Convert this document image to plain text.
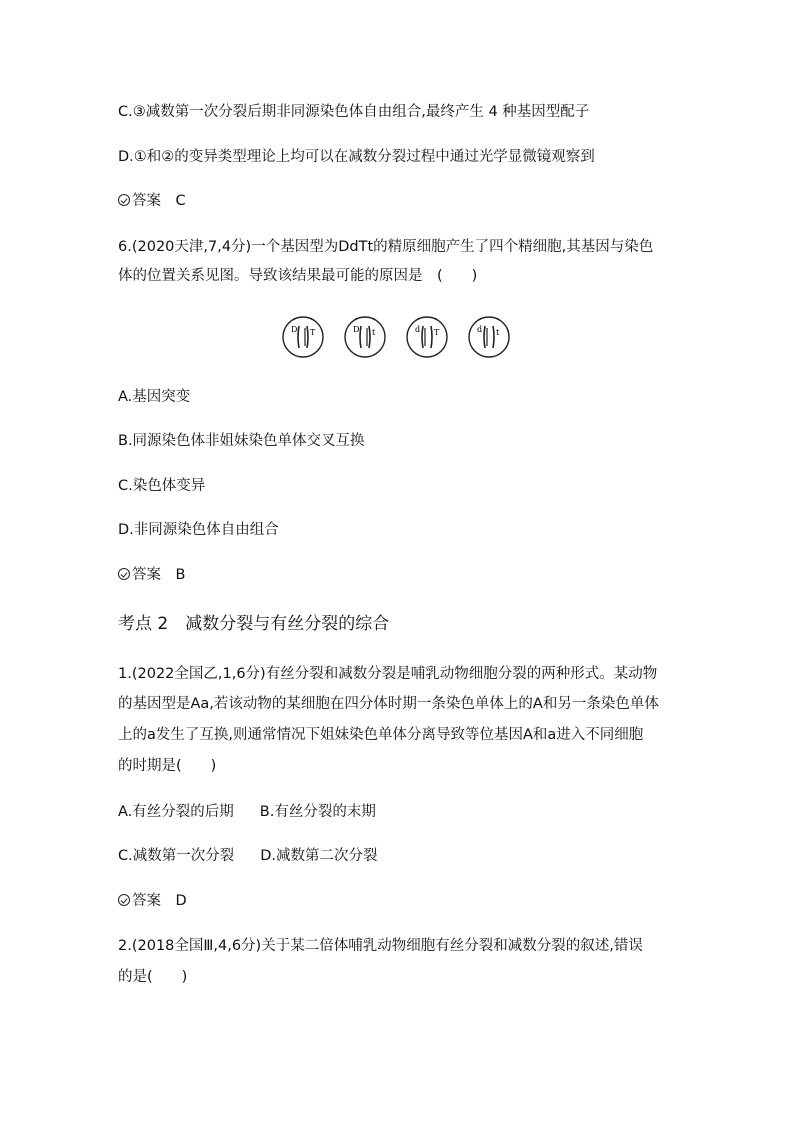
C.③减数第一次分裂后期非同源染色体自由组合,最终产生 4 种基因型配子
D.①和②的变异类型理论上均可以在减数分裂过程中通过光学显微镜观察到
答案　C
6.(2020天津,7,4分)一个基因型为DdTt的精原细胞产生了四个精细胞,其基因与染色
体的位置关系见图。导致该结果最可能的原因是　(　　)
D T	D t	d T	d t
A.基因突变
B.同源染色体非姐妹染色单体交叉互换
C.染色体变异
D.非同源染色体自由组合
答案　B
考点 2　减数分裂与有丝分裂的综合
1.(2022全国乙,1,6分)有丝分裂和减数分裂是哺乳动物细胞分裂的两种形式。某动物
的基因型是Aa,若该动物的某细胞在四分体时期一条染色单体上的A和另一条染色单体
上的a发生了互换,则通常情况下姐妹染色单体分离导致等位基因A和a进入不同细胞
的时期是(　　)
A.有丝分裂的后期 B.有丝分裂的末期
C.减数第一次分裂 D.减数第二次分裂
答案　D
2.(2018全国Ⅲ,4,6分)关于某二倍体哺乳动物细胞有丝分裂和减数分裂的叙述,错误
的是(　　)
